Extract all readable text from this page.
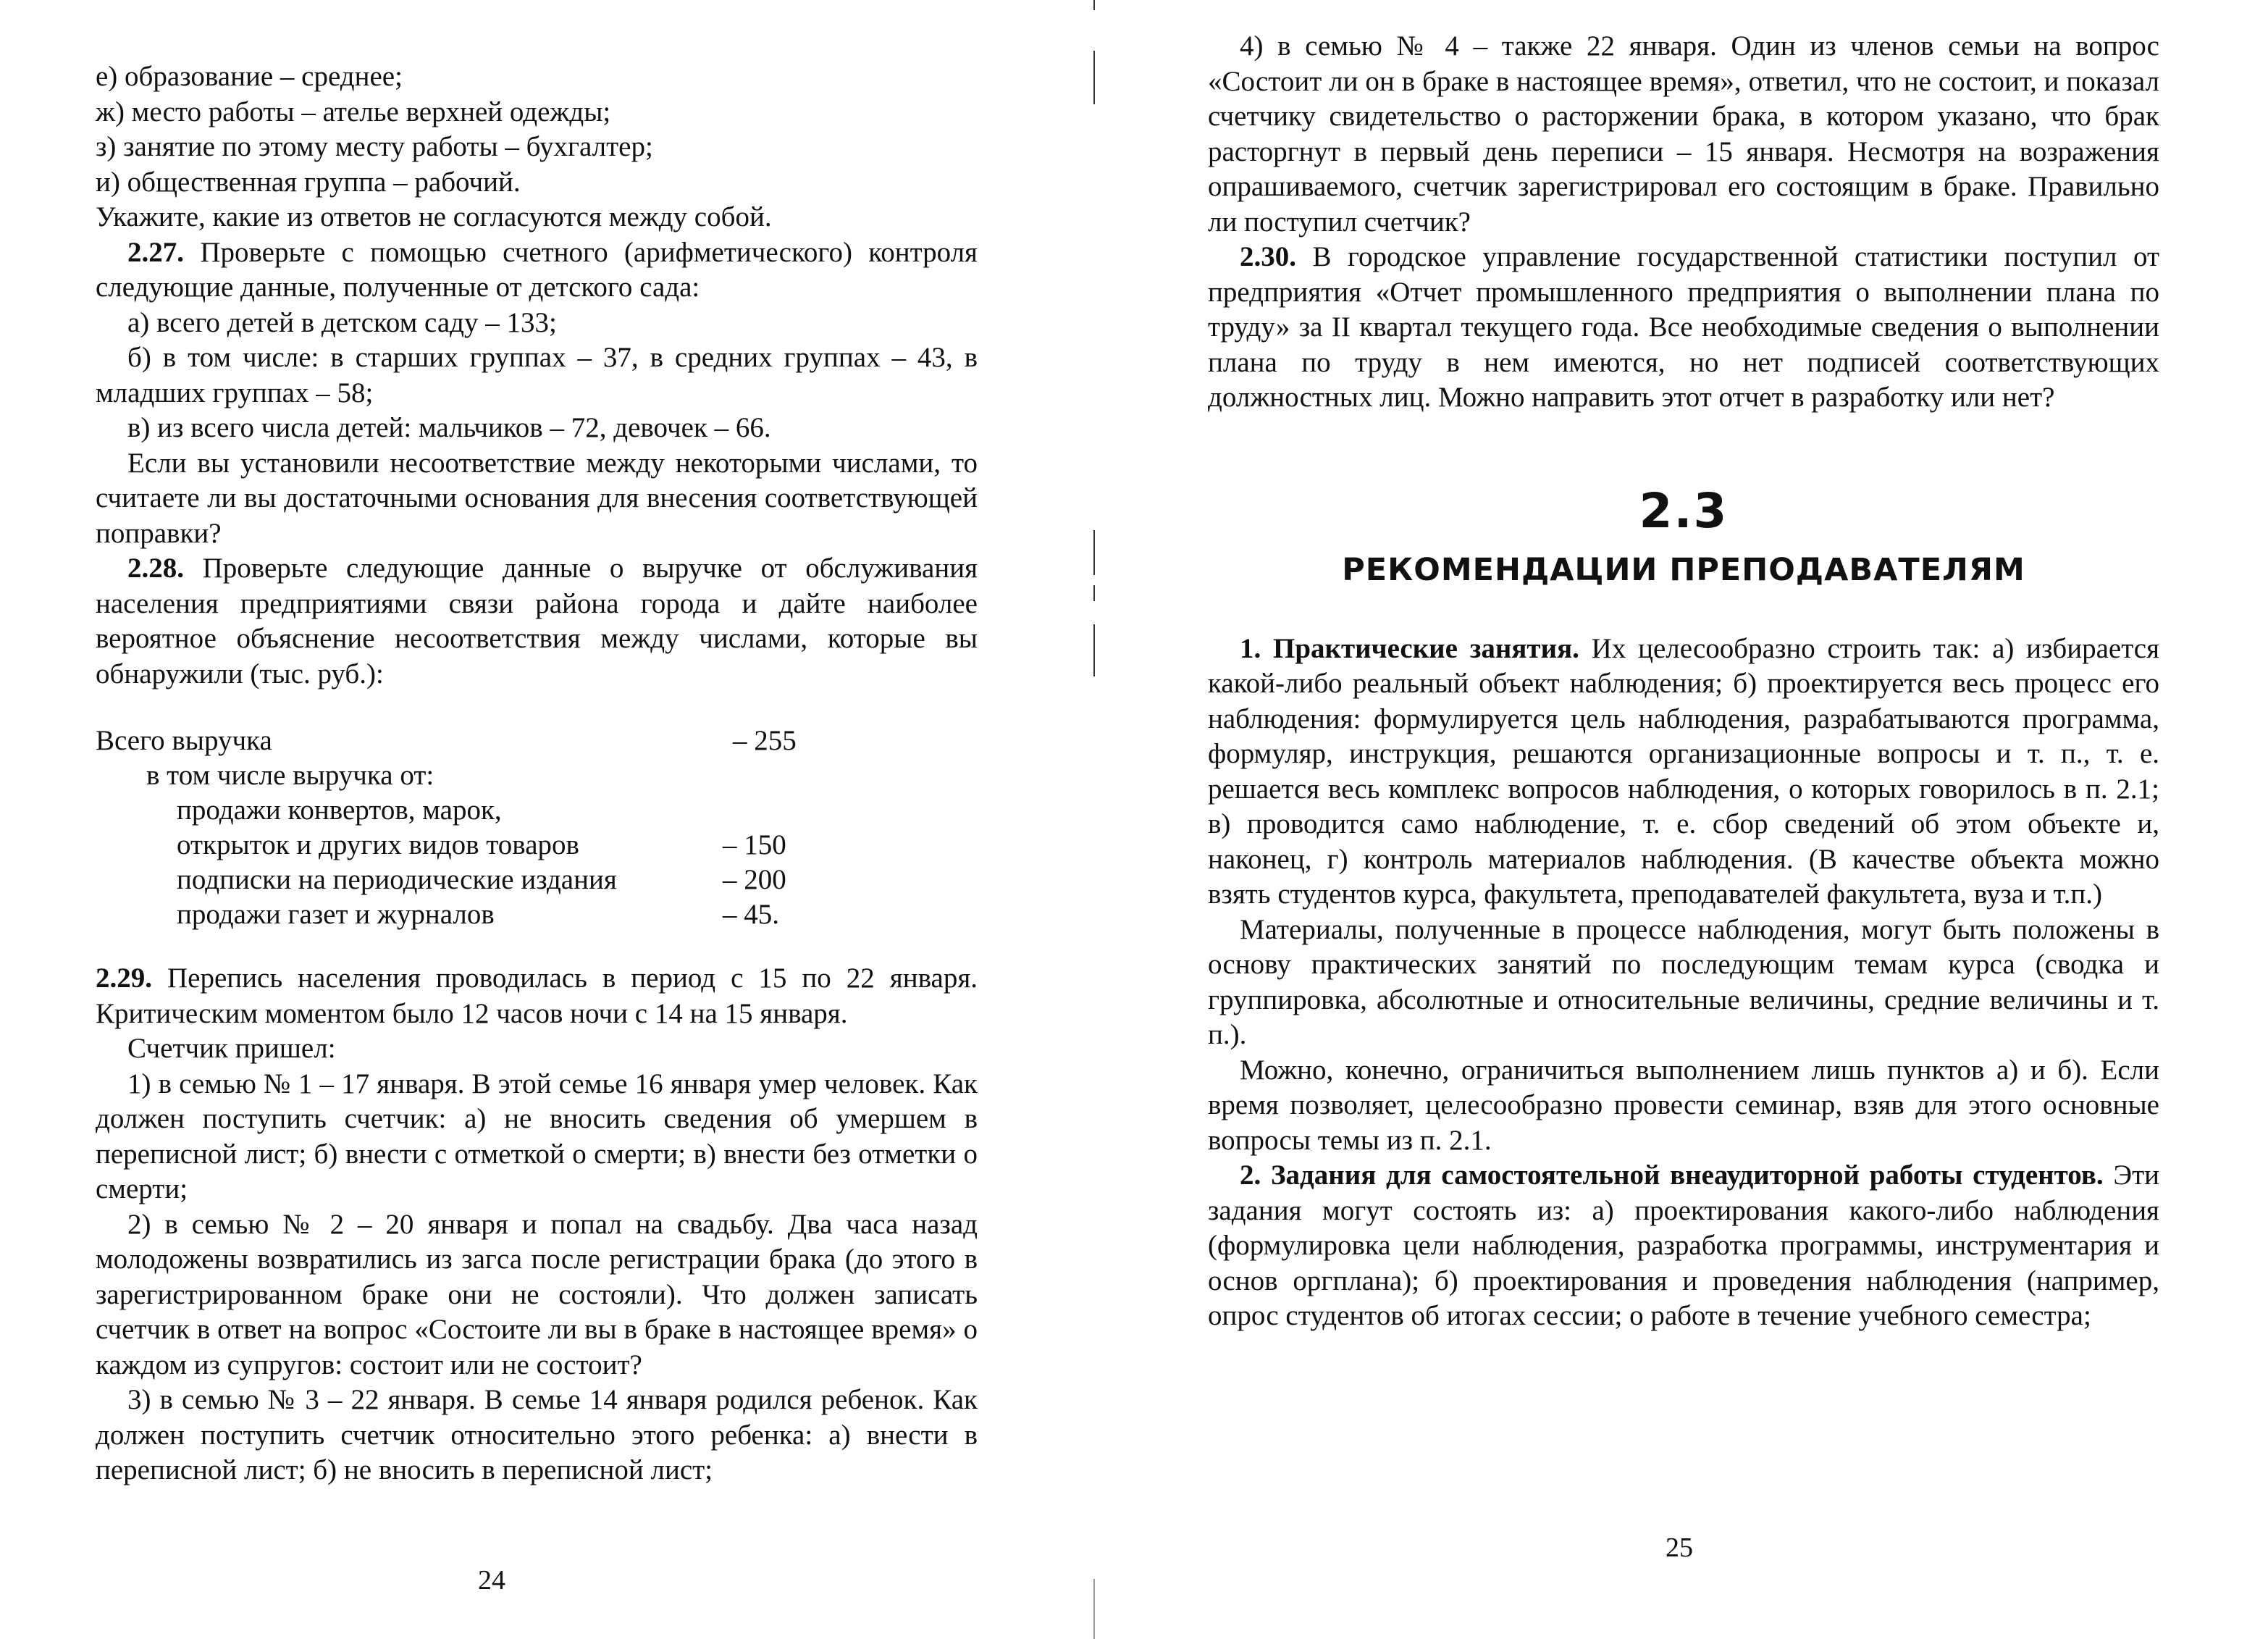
е) образование – среднее;

ж) место работы – ателье верхней одежды;

з) занятие по этому месту работы – бухгалтер;

и) общественная группа – рабочий.

Укажите, какие из ответов не согласуются между собой.

2.27. Проверьте с помощью счетного (арифметического) контроля следующие данные, полученные от детского сада:

а) всего детей в детском саду – 133;

б) в том числе: в старших группах – 37, в средних группах – 43, в младших группах – 58;

в) из всего числа детей: мальчиков – 72, девочек – 66.

Если вы установили несоответствие между некоторыми числами, то считаете ли вы достаточными основания для внесения соответствующей поправки?

2.28. Проверьте следующие данные о выручке от обслуживания населения предприятиями связи района города и дайте наиболее вероятное объяснение несоответствия между числами, которые вы обнаружили (тыс. руб.):

Всего выручка	– 255
в том числе выручка от:
продажи конвертов, марок,
открыток и других видов товаров	– 150
подписки на периодические издания	– 200
продажи газет и журналов	– 45.

2.29. Перепись населения проводилась в период с 15 по 22 января. Критическим моментом было 12 часов ночи с 14 на 15 января.

Счетчик пришел:

1) в семью № 1 – 17 января. В этой семье 16 января умер человек. Как должен поступить счетчик: а) не вносить сведения об умершем в переписной лист; б) внести с отметкой о смерти; в) внести без отметки о смерти;

2) в семью № 2 – 20 января и попал на свадьбу. Два часа назад молодожены возвратились из загса после регистрации брака (до этого в зарегистрированном браке они не состояли). Что должен записать счетчик в ответ на вопрос «Состоите ли вы в браке в настоящее время» о каждом из супругов: состоит или не состоит?

3) в семью № 3 – 22 января. В семье 14 января родился ребенок. Как должен поступить счетчик относительно этого ребенка: а) внести в переписной лист; б) не вносить в переписной лист;

24

4) в семью № 4 – также 22 января. Один из членов семьи на вопрос «Состоит ли он в браке в настоящее время», ответил, что не состоит, и показал счетчику свидетельство о расторжении брака, в котором указано, что брак расторгнут в первый день переписи – 15 января. Несмотря на возражения опрашиваемого, счетчик зарегистрировал его состоящим в браке. Правильно ли поступил счетчик?

2.30. В городское управление государственной статистики поступил от предприятия «Отчет промышленного предприятия о выполнении плана по труду» за II квартал текущего года. Все необходимые сведения о выполнении плана по труду в нем имеются, но нет подписей соответствующих должностных лиц. Можно направить этот отчет в разработку или нет?

2.3
РЕКОМЕНДАЦИИ ПРЕПОДАВАТЕЛЯМ

1. Практические занятия. Их целесообразно строить так: а) избирается какой-либо реальный объект наблюдения; б) проектируется весь процесс его наблюдения: формулируется цель наблюдения, разрабатываются программа, формуляр, инструкция, решаются организационные вопросы и т. п., т. е. решается весь комплекс вопросов наблюдения, о которых говорилось в п. 2.1; в) проводится само наблюдение, т. е. сбор сведений об этом объекте и, наконец, г) контроль материалов наблюдения. (В качестве объекта можно взять студентов курса, факультета, преподавателей факультета, вуза и т.п.)

Материалы, полученные в процессе наблюдения, могут быть положены в основу практических занятий по последующим темам курса (сводка и группировка, абсолютные и относительные величины, средние величины и т. п.).

Можно, конечно, ограничиться выполнением лишь пунктов а) и б). Если время позволяет, целесообразно провести семинар, взяв для этого основные вопросы темы из п. 2.1.

2. Задания для самостоятельной внеаудиторной работы студентов. Эти задания могут состоять из: а) проектирования какого-либо наблюдения (формулировка цели наблюдения, разработка программы, инструментария и основ оргплана); б) проектирования и проведения наблюдения (например, опрос студентов об итогах сессии; о работе в течение учебного семестра;

25
